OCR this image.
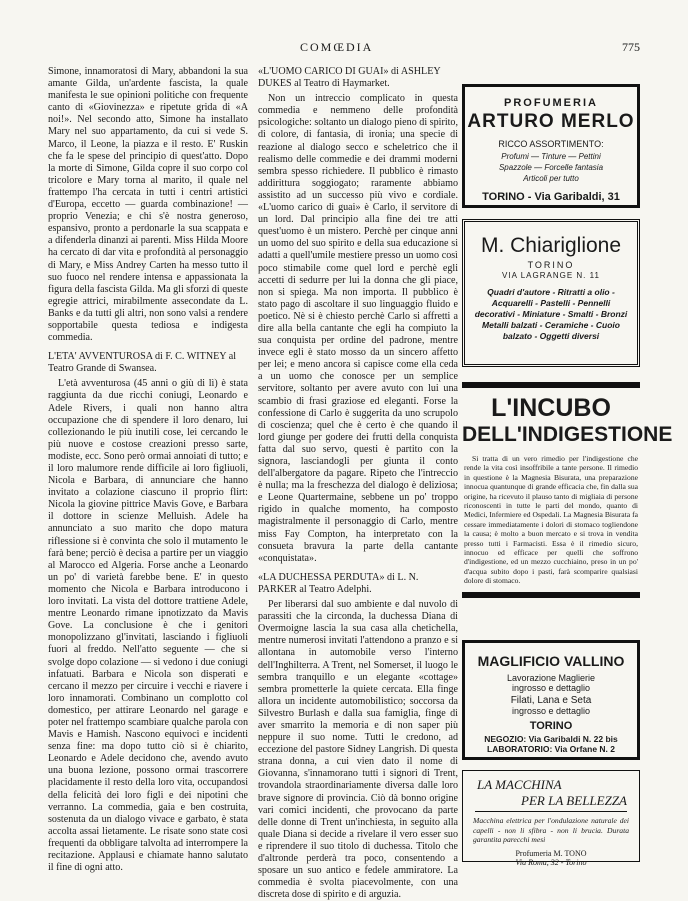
COMŒDIA	775

Simone, innamoratosi di Mary, abbandoni la sua amante Gilda, un'ardente fascista, la quale manifesta le sue opinioni politiche con frequente canto di «Giovinezza» e ripetute grida di «A noi!». Nel secondo atto, Simone ha installato Mary nel suo appartamento, da cui si vede S. Marco, il Leone, la piazza e il resto. E' Ruskin che fa le spese del principio di quest'atto. Dopo la morte di Simone, Gilda copre il suo corpo col tricolore e Mary torna al marito, il quale nel frattempo l'ha cercata in tutti i centri artistici d'Europa, eccetto — guarda combinazione! — proprio Venezia; e chi s'è nostra generoso, espansivo, pronto a perdonarle la sua scappata e a difenderla dinanzi ai parenti. Miss Hilda Moore ha cercato di dar vita e profondità al personaggio di Mary, e Miss Andrey Carten ha messo tutto il suo fuoco nel rendere intensa e appassionata la figura della fascista Gilda. Ma gli sforzi di queste egregie attrici, mirabilmente assecondate da L. Banks e da tutti gli altri, non sono valsi a rendere sopportabile questa tediosa e indigesta commedia.

L'ETA' AVVENTUROSA di F. C. WITNEY al Teatro Grande di Swansea.

L'età avventurosa (45 anni o giù di lì) è stata raggiunta da due ricchi coniugi, Leonardo e Adele Rivers, i quali non hanno altra occupazione che di spendere il loro denaro, lui collezionando le più inutili cose, lei cercando le più nuove e costose creazioni presso sarte, modiste, ecc. Sono però ormai annoiati di tutto; e il loro malumore rende difficile ai loro figliuoli, Nicola e Barbara, di annunciare che hanno invitato a colazione ciascuno il proprio flirt: Nicola la giovine pittrice Mavis Gove, e Barbara il dottore in scienze Melluish. Adele ha annunciato a suo marito che dopo matura riflessione si è convinta che solo il mutamento le farà bene; perciò è decisa a partire per un viaggio al Marocco ed Algeria. Forse anche a Leonardo un po' di varietà farebbe bene. E' in questo momento che Nicola e Barbara introducono i loro invitati. La vista del dottore trattiene Adele, mentre Leonardo rimane ipnotizzato da Mavis Gove. La conclusione è che i genitori monopolizzano gl'invitati, lasciando i figliuoli fuori al freddo. Nell'atto seguente — che si svolge dopo colazione — si vedono i due coniugi infatuati. Barbara e Nicola son disperati e cercano il mezzo per circuire i vecchi e riavere i loro innamorati. Combinano un complotto col domestico, per attirare Leonardo nel garage e poter nel frattempo scambiare qualche parola con Mavis e Hamish. Nascono equivoci e incidenti senza fine: ma dopo tutto ciò si è chiarito, Leonardo e Adele decidono che, avendo avuto una buona lezione, possono ormai trascorrere placidamente il resto della loro vita, occupandosi della felicità dei loro figli e dei nipotini che verranno. La commedia, gaia e ben costruita, sostenuta da un dialogo vivace e garbato, è stata accolta assai lietamente. Le risate sono state così frequenti da obbligare talvolta ad interrompere la recitazione. Applausi e chiamate hanno salutato il fine di ogni atto.

«L'UOMO CARICO DI GUAI» di ASHLEY DUKES al Teatro di Haymarket.

Non un intreccio complicato in questa commedia e nemmeno delle profondità psicologiche: soltanto un dialogo pieno di spirito, di colore, di fantasia, di ironia; una specie di reazione al dialogo secco e scheletrico che il realismo delle commedie e dei drammi moderni sembra spesso richiedere. Il pubblico è rimasto addirittura soggiogato; raramente abbiamo assistito ad un successo più vivo e cordiale. «L'uomo carico di guai» è Carlo, il servitore di un lord. Dal principio alla fine dei tre atti quest'uomo è un mistero. Perchè per cinque anni un uomo del suo spirito e della sua educazione si adatti a quell'umile mestiere presso un uomo così poco stimabile come quel lord e perchè egli accetti di sedurre per lui la donna che gli piace, non si spiega. Ma non importa. Il pubblico è stato pago di ascoltare il suo linguaggio fluido e poetico. Nè si è chiesto perchè Carlo si affretti a dire alla bella cantante che egli ha compiuto la sua conquista per ordine del padrone, mentre invece egli è stato mosso da un sincero affetto per lei; e meno ancora si capisce come ella ceda a un uomo che conosce per un semplice servitore, soltanto per avere avuto con lui una scambio di frasi graziose ed eleganti. Forse la confessione di Carlo è suggerita da uno scrupolo di coscienza; quel che è certo è che quando il lord giunge per godere dei frutti della conquista fatta dal suo servo, questi è partito con la signora, lasciandogli per giunta il conto dell'albergatore da pagare. Ripeto che l'intreccio è nulla; ma la freschezza del dialogo è deliziosa; e Leone Quartermaine, sebbene un po' troppo rigido in qualche momento, ha composto magistralmente il personaggio di Carlo, mentre miss Fay Compton, ha interpretato con la consueta bravura la parte della cantante «conquistata».

«LA DUCHESSA PERDUTA» di L. N. PARKER al Teatro Adelphi.

Per liberarsi dal suo ambiente e dal nuvolo di parassiti che la circonda, la duchessa Diana di Overmoigne lascia la sua casa alla chetichella, mentre numerosi invitati l'attendono a pranzo e si allontana in automobile verso l'interno dell'Inghilterra. A Trent, nel Somerset, il luogo le sembra tranquillo e un elegante «cottage» sembra prometterle la quiete cercata. Ella finge allora un incidente automobilistico; soccorsa da Silvestro Burlash e dalla sua famiglia, finge di aver smarrito la memoria e di non saper più neppure il suo nome. Tutti le credono, ad eccezione del pastore Sidney Langrish. Di questa strana donna, a cui vien dato il nome di Giovanna, s'innamorano tutti i signori di Trent, trovandola straordinariamente diversa dalle loro brave signore di provincia. Ciò dà bonno origine vari comici incidenti, che provocano da parte delle donne di Trent un'inchiesta, in seguito alla quale Diana si decide a rivelare il vero esser suo e riprendere il suo titolo di duchessa. Titolo che d'altronde perderà tra poco, consentendo a sposare un suo antico e fedele ammiratore. La commedia è svolta piacevolmente, con una discreta dose di spirito e di arguzia.

PROFUMERIA
ARTURO MERLO
RICCO ASSORTIMENTO:
Profumi — Tinture — Pettini
Spazzole — Forcelle fantasia
Articoli per tutto
TORINO - Via Garibaldi, 31
M. Chiariglione
TORINO
VIA LAGRANGE N. 11
Quadri d'autore - Ritratti a olio -
Acquarelli - Pastelli - Pennelli decorativi - Miniature - Smalti - Bronzi
Metalli balzati - Ceramiche - Cuoio balzato - Oggetti diversi
L'INCUBO
DELL'INDIGESTIONE
Si tratta di un vero rimedio per l'indigestione che rende la vita così insoffribile a tante persone. Il rimedio in questione è la Magnesia Bisurata, una preparazione innocua quantunque di grande efficacia che, fin dalla sua origine, ha ricevuto il plauso tanto di migliaia di persone riconoscenti in tutte le parti del mondo, quanto di Medici, Infermiere ed Ospedali. La Magnesia Bisurata fa cessare immediatamente i dolori di stomaco togliendone la causa; è molto a buon mercato e si trova in vendita presso tutti i Farmacisti. Essa è il rimedio sicuro, innocuo ed efficace per quelli che soffrono d'indigestione, ed un mezzo cucchiaino, preso in un po' d'acqua subito dopo i pasti, farà scomparire qualsiasi dolore di stomaco.
MAGLIFICIO VALLINO
Lavorazione Maglierie
ingrosso e dettaglio
Filati, Lana e Seta
ingrosso e dettaglio
TORINO
NEGOZIO: Via Garibaldi N. 22 bis
LABORATORIO: Via Orfane N. 2
LA MACCHINA
PER LA BELLEZZA
Macchina elettrica per l'ondulazione naturale dei capelli - non li sfibra - non li brucia. Durata garantita parecchi mesi
Profumeria M. TONO
Via Roma, 32 - Torino
